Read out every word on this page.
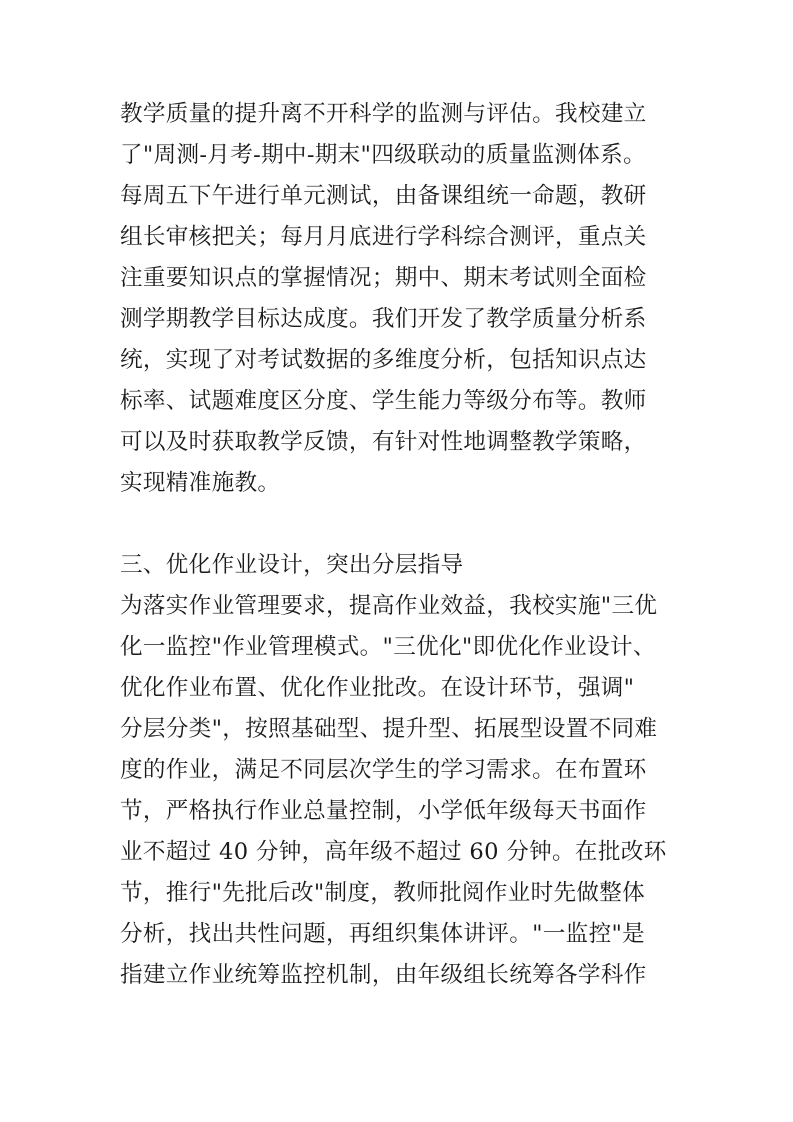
教学质量的提升离不开科学的监测与评估。我校建立
了"周测-月考-期中-期末"四级联动的质量监测体系。
每周五下午进行单元测试，由备课组统一命题，教研
组长审核把关；每月月底进行学科综合测评，重点关
注重要知识点的掌握情况；期中、期末考试则全面检
测学期教学目标达成度。我们开发了教学质量分析系
统，实现了对考试数据的多维度分析，包括知识点达
标率、试题难度区分度、学生能力等级分布等。教师
可以及时获取教学反馈，有针对性地调整教学策略，
实现精准施教。
三、优化作业设计，突出分层指导
为落实作业管理要求，提高作业效益，我校实施"三优
化一监控"作业管理模式。"三优化"即优化作业设计、
优化作业布置、优化作业批改。在设计环节，强调"
分层分类"，按照基础型、提升型、拓展型设置不同难
度的作业，满足不同层次学生的学习需求。在布置环
节，严格执行作业总量控制，小学低年级每天书面作
业不超过 40 分钟，高年级不超过 60 分钟。在批改环
节，推行"先批后改"制度，教师批阅作业时先做整体
分析，找出共性问题，再组织集体讲评。"一监控"是
指建立作业统筹监控机制，由年级组长统筹各学科作
